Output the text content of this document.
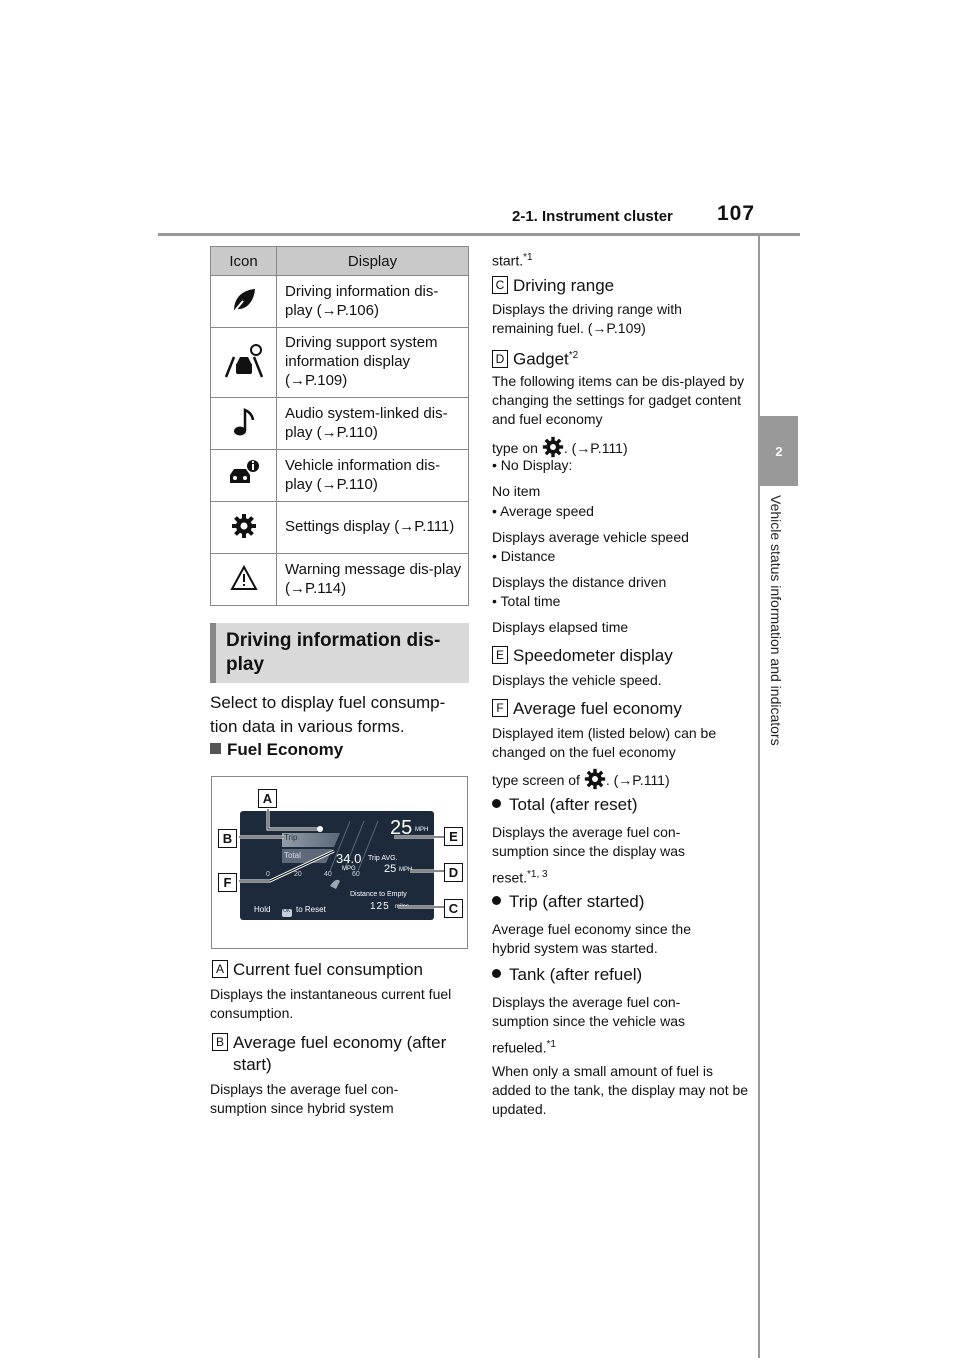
2-1. Instrument cluster 107
2
Vehicle status information and indicators
Icon	Display
	Driving information dis-play (→P.106)
	Driving support system information display (→P.109)
	Audio system-linked dis-play (→P.110)
	Vehicle information dis-play (→P.110)
	Settings display (→P.111)
	Warning message dis-play (→P.114)
Driving information dis-play
Select to display fuel consump-tion data in various forms.
Fuel Economy
Trip
Total
25 MPH
34.0
MPG
Trip AVG.
25 MPH
0	20	40	60
Distance to Empty
125 miles
Hold	OK to Reset
A
B
C
D
E
F
A Current fuel consumption
Displays the instantaneous current fuel consumption.
B Average fuel economy (after
start)
Displays the average fuel con-sumption since hybrid system
start.$^{*1}$
C Driving range
Displays the driving range with remaining fuel. (→P.109)
D Gadget$^{*2}$
The following items can be dis-played by changing the settings for gadget content and fuel economy
type on . (→P.111)
• No Display:
No item
• Average speed
Displays average vehicle speed
• Distance
Displays the distance driven
• Total time
Displays elapsed time
E Speedometer display
Displays the vehicle speed.
F Average fuel economy
Displayed item (listed below) can be changed on the fuel economy
type screen of . (→P.111)
Total (after reset)
Displays the average fuel con-sumption since the display was
reset.$^{*1, 3}$
Trip (after started)
Average fuel economy since the hybrid system was started.
Tank (after refuel)
Displays the average fuel con-sumption since the vehicle was
refueled.$^{*1}$
When only a small amount of fuel is added to the tank, the display may not be updated.
